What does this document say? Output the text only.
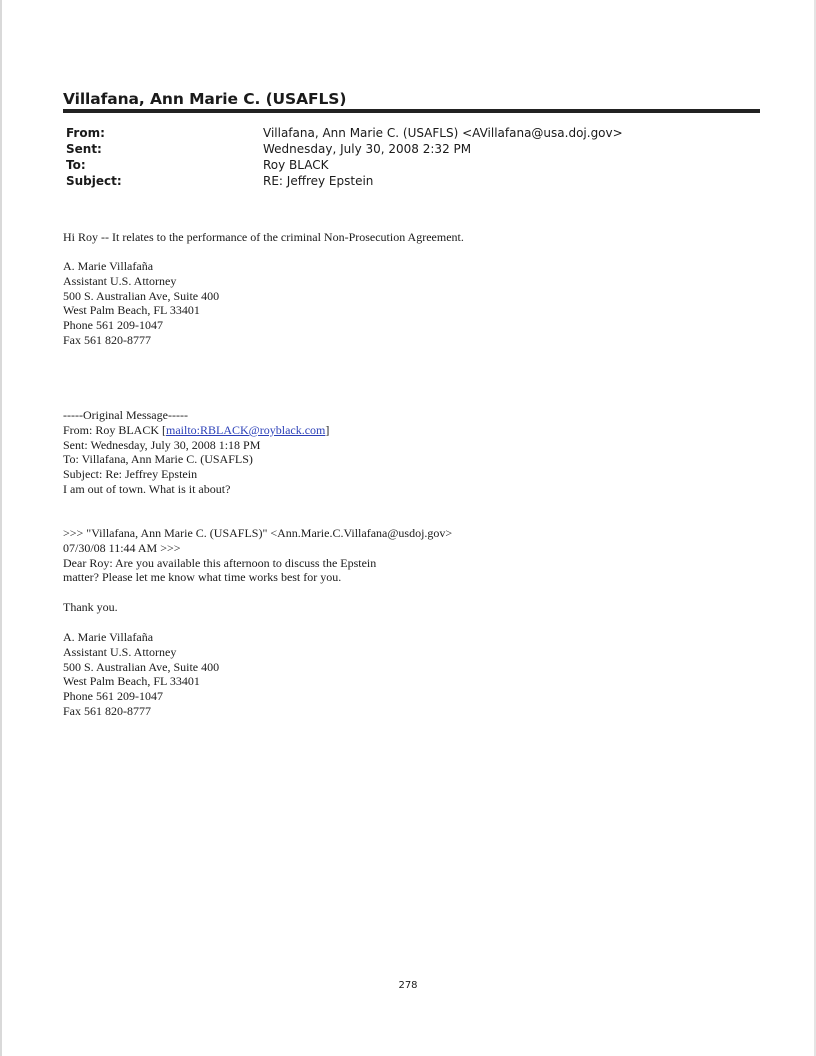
Villafana, Ann Marie C. (USAFLS)
From:	Villafana, Ann Marie C. (USAFLS) <AVillafana@usa.doj.gov>
Sent:	Wednesday, July 30, 2008 2:32 PM
To:	Roy BLACK
Subject:	RE: Jeffrey Epstein

Hi Roy -- It relates to the performance of the criminal Non-Prosecution Agreement.

A. Marie Villafaña

Assistant U.S. Attorney

500 S. Australian Ave, Suite 400

West Palm Beach, FL 33401

Phone 561 209-1047

Fax 561 820-8777

-----Original Message-----

From: Roy BLACK [mailto:RBLACK@royblack.com]

Sent: Wednesday, July 30, 2008 1:18 PM

To: Villafana, Ann Marie C. (USAFLS)

Subject: Re: Jeffrey Epstein

I am out of town. What is it about?

>>> "Villafana, Ann Marie C. (USAFLS)" <Ann.Marie.C.Villafana@usdoj.gov>

07/30/08 11:44 AM >>>

Dear Roy: Are you available this afternoon to discuss the Epstein

matter? Please let me know what time works best for you.

Thank you.

A. Marie Villafaña

Assistant U.S. Attorney

500 S. Australian Ave, Suite 400

West Palm Beach, FL 33401

Phone 561 209-1047

Fax 561 820-8777

278
